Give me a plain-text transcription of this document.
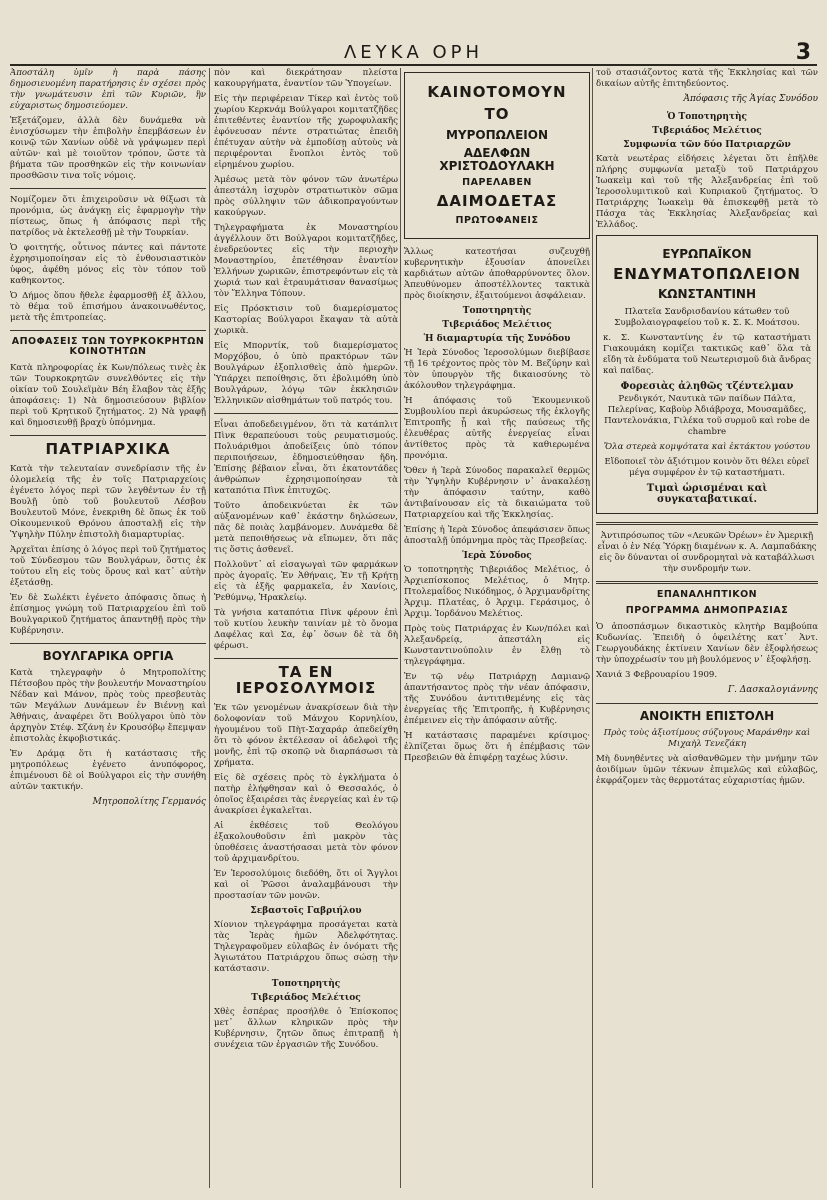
ΛΕΥΚΑ ΟΡΗ	3

Ἀποστάλη ὑμῖν ἡ παρὰ πάσης δημοσιευομένη παρατήρησις ἐν σχέσει πρὸς τὴν γνωμάτευσιν ἐπὶ τῶν Κυριῶν, ἣν εὐχαριστως δημοσιεύομεν.

Ἐξετάζομεν, ἀλλὰ δὲν δυνάμεθα νὰ ἐνισχύσωμεν τὴν ἐπιβολὴν ἐπεμβάσεων ἐν κοινῷ τῶν Χανίων οὐδὲ νὰ γράψωμεν περὶ αὐτῶν· καὶ μὲ τοιοῦτον τρόπον, ὥστε τὰ βήματα τῶν προσθηκῶν εἰς τὴν κοινωνίαν προσθῶσιν τινα τοῖς νόμοις.

Νομίζομεν ὅτι ἐπιχειροῦσιν νὰ θίξωσι τὰ προνόμια, ὡς ἀνάγκῃ εἰς ἐφαρμογὴν τὴν πίστεως, ὅπως ἡ ἀπόφασις περὶ τῆς πατρίδος νὰ ἐκτελεσθῇ μὲ τὴν Τουρκίαν.

Ὁ φοιτητής, οὗτινος πάντες καὶ πάντοτε ἐχρησιμοποίησαν εἰς τὸ ἐνθουσιαστικὸν ὑφος, ἀφέθη μόνος εἰς τὸν τόπον τοῦ καθηκοντος.

Ὁ Δήμος ὅπου ἤθελε ἐφαρμοσθῇ ἐξ ἄλλου, τὸ θέμα τοῦ ἐπισήμου ἀνακοινωθέντος, μετὰ τῆς ἐπιτροπείας.

ΑΠΟΦΑΣΕΙΣ ΤΩΝ ΤΟΥΡΚΟΚΡΗΤΩΝ ΚΟΙΝΟΤΗΤΩΝ

Κατὰ πληροφορίας ἐκ Κων/πόλεως τινὲς ἐκ τῶν Τουρκοκρητῶν συνελθόντες εἰς τὴν οἰκίαν τοῦ Σουλεϊμὰν Βέη ἔλαβον τὰς ἑξῆς ἀποφάσεις: 1) Νὰ δημοσιεύσουν βιβλίον περὶ τοῦ Κρητικοῦ ζητήματος. 2) Νὰ γραφῇ καὶ δημοσιευθῇ βραχὺ ὑπόμνημα.

ΠΑΤΡΙΑΡΧΙΚΑ

Κατὰ τὴν τελευταίαν συνεδρίασιν τῆς ἐν ὁλομελείᾳ τῆς ἐν τοῖς Πατριαρχείοις ἐγένετο λόγος περὶ τῶν λεγθέντων ἐν τῇ Βουλῇ ὑπὸ τοῦ βουλευτοῦ Λέσβου Βουλευτοῦ Μόνε, ἐνεκριθη δὲ ὅπως ἐκ τοῦ Οἰκουμενικοῦ Θρόνου ἀποσταλῇ εἰς τὴν Ὑψηλὴν Πύλην ἐπιστολὴ διαμαρτυρίας.

Ἀρχεῖται ἐπίσης ὁ λόγος περὶ τοῦ ζητήματος τοῦ Σύνδεσμου τῶν Βουλγάρων, ὅστις ἐκ τούτου εἴη εἰς τοὺς ὅρους καὶ κατ᾽ αὐτὴν ἐξετάσθῃ.

Ἐν δὲ Σωλέκτι ἐγένετο ἀπόφασις ὅπως ἡ ἐπίσημος γνώμη τοῦ Πατριαρχείου ἐπὶ τοῦ Βουλγαρικοῦ ζητήματος ἀπαντηθῇ πρὸς τὴν Κυβέρνησιν.

ΒΟΥΛΓΑΡΙΚΑ ΟΡΓΙΑ

Κατὰ τηλεγραφὴν ὁ Μητροπολίτης Πέτσοβου πρὸς τὴν βουλευτήν Μοναστηρίου Νέδαν καὶ Μάνον, πρὸς τοὺς πρεσβευτὰς τῶν Μεγάλων Δυνάμεων ἐν Βιέννῃ καὶ Ἀθήναις, ἀναφέρει ὅτι Βούλγαροι ὑπὸ τὸν ἀρχηγὸν Στέφ. Σζάνη ἐν Κρουσόβῳ ἔπεμψαν ἐπιστολὰς ἐκφοβιστικάς.

Ἐν Δράμᾳ ὅτι ἡ κατάστασις τῆς μητροπόλεως ἐγένετο ἀνυπόφορος, ἐπιμένουσι δὲ οἱ Βούλγαροι εἰς τὴν συνήθη αὐτῶν τακτικήν.

Μητροπολίτης Γερμανός

πὸν καὶ διεκράτησαν πλείστα κακουργήματα, ἐναντίον τῶν Ὑπογείων.

Εἰς τὴν περιφέρειαν Τίκερ καὶ ἐντὸς τοῦ χωρίου Κερκνάμ Βούλγαροι κομιτατζῆδες ἐπιτεθέντες ἐναντίον τῆς χωροφυλακῆς ἐφόνευσαν πέντε στρατιώτας ἐπειδὴ ἐπέτυχαν αὐτὴν νὰ ἐμποδίσῃ αὐτοὺς νὰ περιφέρονται ἔνοπλοι ἐντὸς τοῦ εἰρημένου χωρίου.

Ἀμέσως μετὰ τὸν φόνον τῶν ἀνωτέρω ἀπεστάλη ἰσχυρὸν στρατιωτικὸν σῶμα πρὸς σύλληψιν τῶν ἀδικοπραγούντων κακούργων.

Τηλεγραφήματα ἐκ Μοναστηρίου ἀγγέλλουν ὅτι Βούλγαροι κομιτατζῆδες, ἐνεδρεύοντες εἰς τὴν περιοχὴν Μοναστηρίου, ἐπετέθησαν ἐναντίον Ἑλλήνων χωρικῶν, ἐπιστρεφόντων εἰς τὰ χωριά των καὶ ἐτραυμάτισαν θανασίμως τὸν Ἕλληνα Τόπουν.

Εἰς Πρόσκτισιν τοῦ διαμερίσματος Καστορίας Βούλγαροι ἔκαψαν τὰ αὐτὰ χωρικὰ.

Εἰς Μπορντίκ, τοῦ διαμερίσματος Μορχόβου, ὁ ὑπὸ πρακτόρων τῶν Βουλγάρων ἐξοπλισθεὶς ἀπὸ ἡμερῶν. Ὑπάρχει πεποίθησις, ὅτι ἐβολιμόθη ὑπὸ Βουλγάρων, λόγῳ τῶν ἐκκλησιῶν Ἑλληνικῶν αἰσθημάτων τοῦ πατρός του.

Εἶναι ἀποδεδειγμένον, ὅτι τὰ κατάπλιτ Πὶνκ θεραπεύουσι τοὺς ρευματισμούς. Πολυάριθμοι ἀποδείξεις ὑπὸ τόπον περιποιήσεων, ἐδημοσιεύθησαν ἤδη. Ἐπίσης βέβαιον εἶναι, ὅτι ἑκατοντάδες ἀνθρώπων ἐχρησιμοποίησαν τὰ καταπότια Πὶνκ ἐπιτυχῶς.

Τοῦτο ἀποδεικνύεται ἐκ τῶν αὐξανομένων καθ᾽ ἑκάστην δηλώσεων, πᾶς δὲ ποιὰς λαμβάνομεν. Δυνάμεθα δὲ μετὰ πεποιθήσεως νὰ εἴπωμεν, ὅτι πᾶς τις ὅστις ἀσθενεῖ.

Πολλοῦντ᾽ αἱ εἰσαγωγαὶ τῶν φαρμάκων πρὸς ἀγοραῖς. Ἐν Ἀθήναις, Ἐν τῇ Κρήτῃ εἰς τὰ ἑξῆς φαρμακεῖα, ἐν Χανίοις, Ῥεθύμνῳ, Ἡρακλείῳ.

Τὰ γνήσια καταπότια Πὶνκ φέρουν ἐπὶ τοῦ κυτίου λευκὴν ταινίαν μὲ τὸ ὄνομα Δαφέλας καὶ Σα, ἐφ᾽ ὅσων δὲ τὰ δὴ φέρωσι.

ΤΑ ΕΝ ΙΕΡΟΣΟΛΥΜΟΙΣ

Ἐκ τῶν γενομένων ἀνακρίσεων διὰ τὴν δολοφονίαν τοῦ Μάνχου Κορνηλίου, ἡγουμένου τοῦ Πὴτ-Σαχαράρ ἀπεδείχθη ὅτι τὸ φόνον ἐκτέλεσαν οἱ ἀδελφοὶ τῆς μονῆς, ἐπὶ τῷ σκοπῷ νὰ διαρπάσωσι τὰ χρήματα.

Εἰς δὲ σχέσεις πρὸς τὸ ἐγκλήματα ὁ πατὴρ ἐλήφθησαν καὶ ὁ Θεσσαλός, ὁ ὁποῖος ἐξαιρέσει τὰς ἐνεργείας καὶ ἐν τῷ ἀνακρίσει ἐγκαλεῖται.

Αἱ ἐκθέσεις τοῦ Θεολόγου ἐξακολουθοῦσιν ἐπὶ μακρὸν τὰς ὑποθέσεις ἀναστήσασαι μετὰ τὸν φόνον τοῦ ἀρχιμανδρίτου.

Ἐν Ἱεροσολύμοις διεδόθη, ὅτι οἱ Ἄγγλοι καὶ οἱ Ῥῶσοι ἀναλαμβάνουσι τὴν προστασίαν τῶν μονῶν.

Σεβαστοῖς Γαβριήλου

Χίονιον τηλεγράφημα προσάγεται κατὰ τὰς Ἱερὰς ἡμῶν Ἀδελφότητας. Τηλεγραφοῦμεν εὐλαβῶς ἐν ὀνόματι τῆς Ἁγιωτάτου Πατριάρχου ὅπως σώσῃ τὴν κατάστασιν.

Τοποτηρητὴς
Τιβεριάδος Μελέτιος

Χθὲς ἐσπέρας προσήλθε ὁ Ἐπίσκοπος μετ᾽ ἄλλων κληρικῶν πρὸς τὴν Κυβέρνησιν, ζητῶν ὅπως ἐπιτραπῇ ἡ συνέχεια τῶν ἐργασιῶν τῆς Συνόδου.

ΚΑΙΝΟΤΟΜΟΥΝ
ΤΟ
ΜΥΡΟΠΩΛΕΙΟΝ
ΑΔΕΛΦΩΝ ΧΡΙΣΤΟΔΟΥΛΑΚΗ
ΠΑΡΕΛΑΒΕΝ
ΔΑΙΜΟΔΕΤΑΣ
ΠΡΩΤΟΦΑΝΕΙΣ

Ἄλλως κατεστήσαι συζευχθῇ κυβερνητικὴν ἐξουσίαν ἀπονείλει καρδιάτων αὐτῶν ἀποθαρρύνοντες ὅλον. Ἀπευθύνομεν ἀποστέλλοντες τακτικὰ πρὸς διοίκησιν, ἐξαιτούμενοι ἀσφάλειαν.

Τοποτηρητὴς
Τιβεριάδος Μελέτιος
Ἡ διαμαρτυρία τῆς Συνόδου

Ἡ Ἱερὰ Σύνοδος Ἱεροσολύμων διεβίβασε τῇ 16 τρέχοντος πρὸς τὸν Μ. Βεζύρην καὶ τὸν ὑπουργὸν τῆς δικαιοσύνης τὸ ἀκόλουθον τηλεγράφημα.

Ἡ ἀπόφασις τοῦ Ἐκουμενικοῦ Συμβουλίου περὶ ἀκυρώσεως τῆς ἐκλογῆς Ἐπιτροπῆς ᾗ καὶ τῆς παύσεως τῆς ἐλευθέρας αὐτῆς ἐνεργείας εἶναι ἀντίθετος πρὸς τὰ καθιερωμένα προνόμια.

Ὅθεν ἡ Ἱερὰ Σύνοδος παρακαλεῖ θερμῶς τὴν Ὑψηλὴν Κυβέρνησιν ν᾽ ἀνακαλέσῃ τὴν ἀπόφασιν ταύτην, καθὸ ἀντιβαίνουσαν εἰς τὰ δικαιώματα τοῦ Πατριαρχείου καὶ τῆς Ἐκκλησίας.

Ἐπίσης ἡ Ἱερὰ Σύνοδος ἀπεφάσισεν ὅπως ἀποσταλῇ ὑπόμνημα πρὸς τὰς Πρεσβείας.

Ἱερὰ Σύνοδος

Ὁ τοποτηρητὴς Τιβεριάδος Μελέτιος, ὁ Ἀρχιεπίσκοπος Μελέτιος, ὁ Μητρ. Πτολεμαΐδος Νικόδημος, ὁ Ἀρχιμανδρίτης Ἀρχιμ. Πλατέας, ὁ Ἀρχιμ. Γεράσιμος, ὁ Ἀρχιμ. Ἰορδάνου Μελέτιος.

Πρὸς τοὺς Πατριάρχας ἐν Κων/πόλει καὶ Ἀλεξανδρείᾳ, ἀπεστάλη εἰς Κωνσταντινούπολιν ἐν ἔλθῃ τὸ τηλεγράφημα.

Ἐν τῷ νέῳ Πατριάρχῃ Δαμιανῷ ἀπαντήσαντος πρὸς τὴν νέαν ἀπόφασιν, τῆς Συνόδου ἀντιτιθεμένης εἰς τὰς ἐνεργείας τῆς Ἐπιτροπῆς, ἡ Κυβέρνησις ἐπέμεινεν εἰς τὴν ἀπόφασιν αὐτῆς.

Ἡ κατάστασις παραμένει κρίσιμος· ἐλπίζεται ὅμως ὅτι ἡ ἐπέμβασις τῶν Πρεσβειῶν θὰ ἐπιφέρῃ ταχέως λύσιν.

τοῦ στασιάζοντος κατὰ τῆς Ἐκκλησίας καὶ τῶν δικαίων αὐτῆς ἐπιτηδεύοντος.

Ἀπόφασις τῆς Ἁγίας Συνόδου
Ὁ Τοποτηρητὴς
Τιβεριάδος Μελέτιος
Συμφωνία τῶν δύο Πατριαρχῶν

Κατὰ νεωτέρας εἰδήσεις λέγεται ὅτι ἐπῆλθε πλήρης συμφωνία μεταξὺ τοῦ Πατριάρχου Ἰωακεὶμ καὶ τοῦ τῆς Ἀλεξανδρείας ἐπὶ τοῦ Ἱεροσολυμιτικοῦ καὶ Κυπριακοῦ ζητήματος. Ὁ Πατριάρχης Ἰωακεὶμ θὰ ἐπισκεφθῇ μετὰ τὸ Πάσχα τὰς Ἐκκλησίας Ἀλεξανδρείας καὶ Ἑλλάδος.

ΕΥΡΩΠΑΪΚΟΝ
ΕΝΔΥΜΑΤΟΠΩΛΕΙΟΝ
ΚΩΝΣΤΑΝΤΙΝΗ

Πλατεῖα Σανδρισδανίου κάτωθεν τοῦ Συμβολαιογραφείου τοῦ κ. Σ. Κ. Μοάτσου.

κ. Σ. Κωνσταντίνης ἐν τῷ καταστήματι Γιακουμάκη κομίζει τακτικῶς καθ᾽ ὅλα τὰ εἴδη τὰ ἐνδύματα τοῦ Νεωτερισμοῦ διὰ ἄνδρας καὶ παῖδας.

Φορεσιὰς ἀληθῶς τζέντελμαν

Ρενδιγκότ, Ναυτικὰ τῶν παίδων Πάλτα, Πελερίνας, Καβοὺρ Ἀδιάβροχα, Μουσαμᾶδες, Παντελονάκια, Γιλέκα τοῦ συρμοῦ καὶ robe de chambre

Ὅλα στερεὰ κομψότατα καὶ ἐκτάκτου γούστου

Εἴδοποιεῖ τὸν ἀξιότιμον κοινὸν ὅτι θέλει εὑρεῖ μέγα συμφέρον ἐν τῷ καταστήματι.

Τιμαὶ ὡρισμέναι καὶ συγκαταβατικαί.

Ἀντιπρόσωπος τῶν «Λευκῶν Ὀρέων» ἐν Ἀμερικῇ εἶναι ὁ ἐν Νέᾳ Ὑόρκῃ διαμένων κ. Α. Λαμπαδάκης εἰς ὃν δύνανται οἱ συνδρομηταὶ νὰ καταβάλλωσι τὴν συνδρομήν των.

ΕΠΑΝΑΛΗΠΤΙΚΟΝ
ΠΡΟΓΡΑΜΜΑ ΔΗΜΟΠΡΑΣΙΑΣ

Ὁ ἀποσπάσμων δικαστικὸς κλητὴρ Βαμβούπα Κυδωνίας. Ἐπειδὴ ὁ ὀφειλέτης κατ᾽ Ἀντ. Γεωργουδάκης ἐκτίνειν Χανίων δὲν ἐξοφλήσεως τὴν ὑποχρέωσίν του μὴ βουλόμενος ν᾽ ἐξοφλήσῃ.

Χανιά 3 Φεβρουαρίου 1909.

Γ. Δασκαλογιάννης
ΑΝΟΙΚΤΗ ΕΠΙΣΤΟΛΗ

Πρὸς τοὺς ἀξιοτίμους σύζυγους Μαράνθην καὶ Μιχαὴλ Τενεζάκη

Μὴ δυνηθέντες νὰ αἰσθανθῶμεν τὴν μνήμην τῶν ἀοιδίμων ὑμῶν τέκνων ἐπιμελῶς καὶ εὐλαβῶς, ἐκφράζομεν τὰς θερμοτάτας εὐχαριστίας ἡμῶν.
